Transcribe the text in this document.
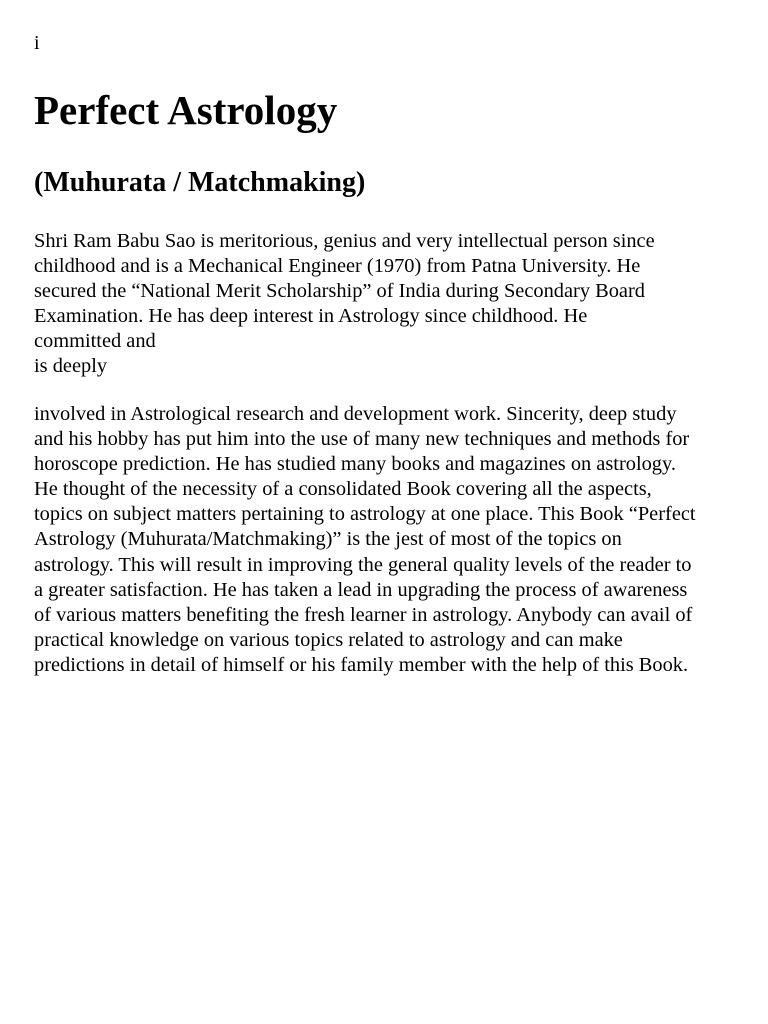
i
Perfect Astrology
(Muhurata / Matchmaking)

Shri Ram Babu Sao is meritorious, genius and very intellectual person since
childhood and is a Mechanical Engineer (1970) from Patna University. He
secured the “National Merit Scholarship” of India during Secondary Board
Examination. He has deep interest in Astrology since childhood. He
committed and
is deeply

involved in Astrological research and development work. Sincerity, deep study
and his hobby has put him into the use of many new techniques and methods for
horoscope prediction. He has studied many books and magazines on astrology.
He thought of the necessity of a consolidated Book covering all the aspects,
topics on subject matters pertaining to astrology at one place. This Book “Perfect
Astrology (Muhurata/Matchmaking)” is the jest of most of the topics on
astrology. This will result in improving the general quality levels of the reader to
a greater satisfaction. He has taken a lead in upgrading the process of awareness
of various matters benefiting the fresh learner in astrology. Anybody can avail of
practical knowledge on various topics related to astrology and can make
predictions in detail of himself or his family member with the help of this Book.
